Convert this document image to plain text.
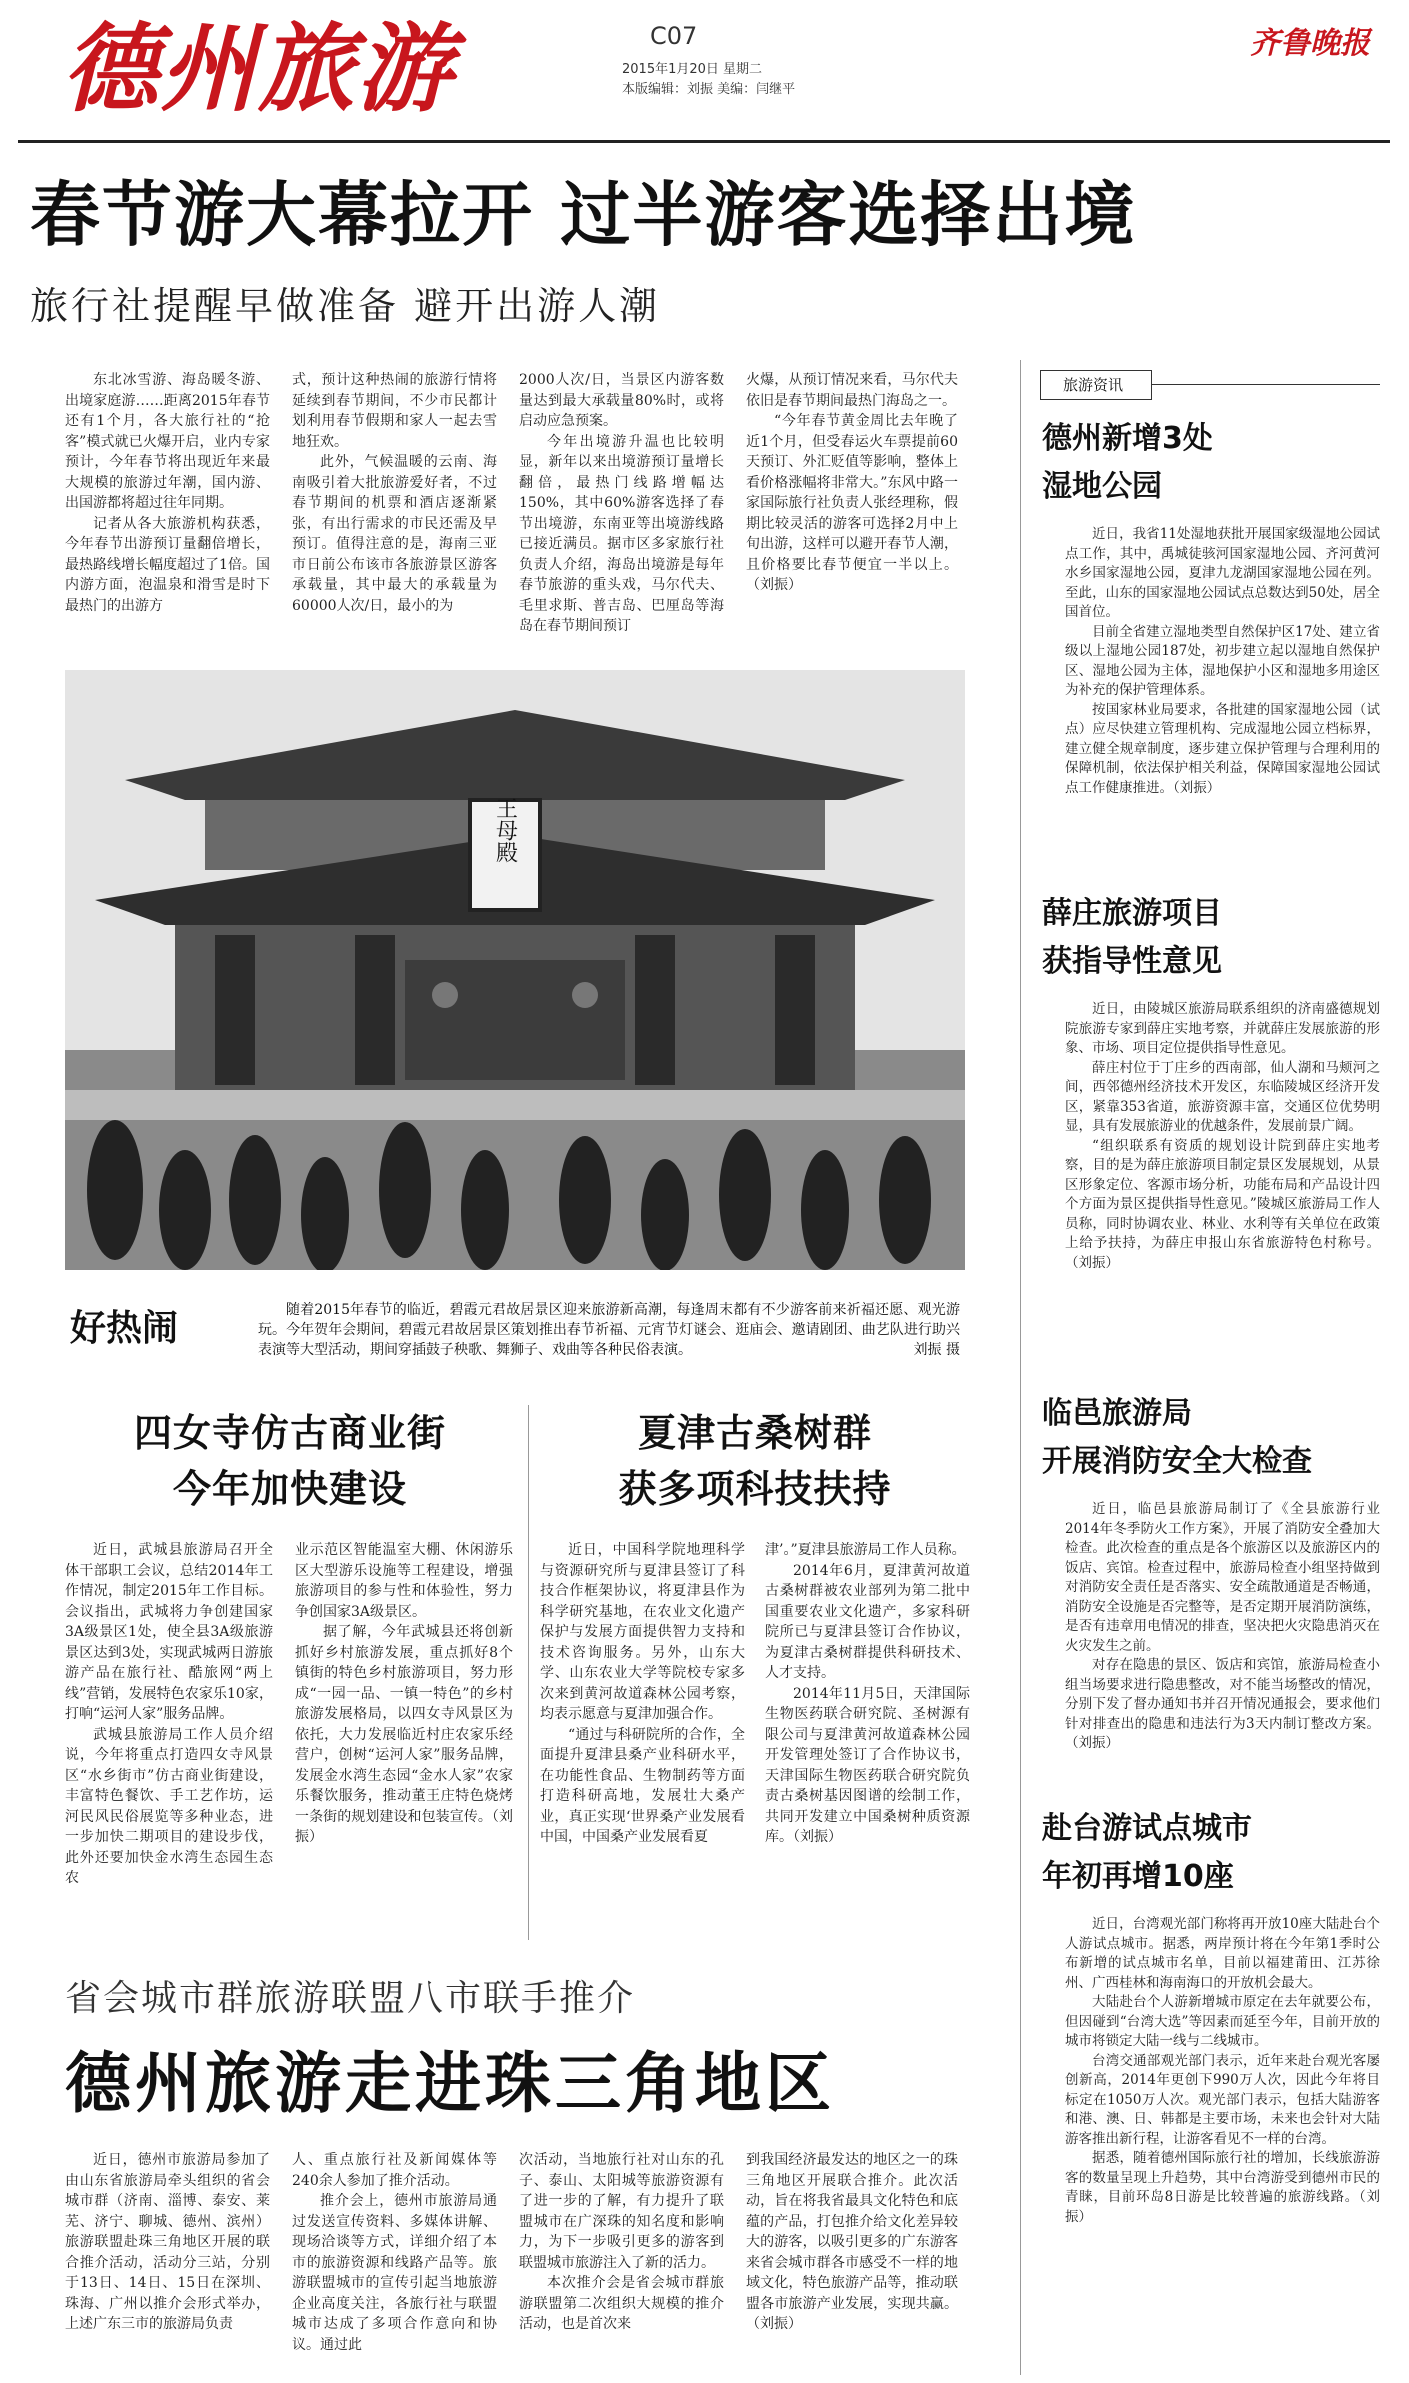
德州旅游	C07
2015年1月20日 星期二
本版编辑：刘振 美编：闫继平
齐鲁晚报
春节游大幕拉开 过半游客选择出境
旅行社提醒早做准备 避开出游人潮

东北冰雪游、海岛暖冬游、出境家庭游……距离2015年春节还有1个月，各大旅行社的“抢客”模式就已火爆开启，业内专家预计，今年春节将出现近年来最大规模的旅游过年潮，国内游、出国游都将超过往年同期。

记者从各大旅游机构获悉，今年春节出游预订量翻倍增长，最热路线增长幅度超过了1倍。国内游方面，泡温泉和滑雪是时下最热门的出游方

式，预计这种热闹的旅游行情将延续到春节期间，不少市民都计划利用春节假期和家人一起去雪地狂欢。

此外，气候温暖的云南、海南吸引着大批旅游爱好者，不过春节期间的机票和酒店逐渐紧张，有出行需求的市民还需及早预订。值得注意的是，海南三亚市日前公布该市各旅游景区游客承载量，其中最大的承载量为60000人次/日，最小的为

2000人次/日，当景区内游客数量达到最大承载量80%时，或将启动应急预案。

今年出境游升温也比较明显，新年以来出境游预订量增长翻倍，最热门线路增幅达150%，其中60%游客选择了春节出境游，东南亚等出境游线路已接近满员。据市区多家旅行社负责人介绍，海岛出境游是每年春节旅游的重头戏，马尔代夫、毛里求斯、普吉岛、巴厘岛等海岛在春节期间预订

火爆，从预订情况来看，马尔代夫依旧是春节期间最热门海岛之一。

“今年春节黄金周比去年晚了近1个月，但受春运火车票提前60天预订、外汇贬值等影响，整体上看价格涨幅将非常大。”东风中路一家国际旅行社负责人张经理称，假期比较灵活的游客可选择2月中上旬出游，这样可以避开春节人潮，且价格要比春节便宜一半以上。（刘振）

王母殿
好热闹	随着2015年春节的临近，碧霞元君故居景区迎来旅游新高潮，每逢周末都有不少游客前来祈福还愿、观光游玩。今年贺年会期间，碧霞元君故居景区策划推出春节祈福、元宵节灯谜会、逛庙会、邀请剧团、曲艺队进行助兴表演等大型活动，期间穿插鼓子秧歌、舞狮子、戏曲等各种民俗表演。	刘振 摄
四女寺仿古商业街
今年加快建设

近日，武城县旅游局召开全体干部职工会议，总结2014年工作情况，制定2015年工作目标。会议指出，武城将力争创建国家3A级景区1处，使全县3A级旅游景区达到3处，实现武城两日游旅游产品在旅行社、酷旅网“两上线”营销，发展特色农家乐10家，打响“运河人家”服务品牌。

武城县旅游局工作人员介绍说，今年将重点打造四女寺风景区“水乡街市”仿古商业街建设，丰富特色餐饮、手工艺作坊，运河民风民俗展览等多种业态，进一步加快二期项目的建设步伐，此外还要加快金水湾生态园生态农

业示范区智能温室大棚、休闲游乐区大型游乐设施等工程建设，增强旅游项目的参与性和体验性，努力争创国家3A级景区。

据了解，今年武城县还将创新抓好乡村旅游发展，重点抓好8个镇街的特色乡村旅游项目，努力形成“一园一品、一镇一特色”的乡村旅游发展格局，以四女寺风景区为依托，大力发展临近村庄农家乐经营户，创树“运河人家”服务品牌，发展金水湾生态园“金水人家”农家乐餐饮服务，推动董王庄特色烧烤一条街的规划建设和包装宣传。（刘振）

夏津古桑树群
获多项科技扶持

近日，中国科学院地理科学与资源研究所与夏津县签订了科技合作框架协议，将夏津县作为科学研究基地，在农业文化遗产保护与发展方面提供智力支持和技术咨询服务。另外，山东大学、山东农业大学等院校专家多次来到黄河故道森林公园考察，均表示愿意与夏津加强合作。

“通过与科研院所的合作，全面提升夏津县桑产业科研水平，在功能性食品、生物制药等方面打造科研高地，发展壮大桑产业，真正实现‘世界桑产业发展看中国，中国桑产业发展看夏

津’。”夏津县旅游局工作人员称。

2014年6月，夏津黄河故道古桑树群被农业部列为第二批中国重要农业文化遗产，多家科研院所已与夏津县签订合作协议，为夏津古桑树群提供科研技术、人才支持。

2014年11月5日，天津国际生物医药联合研究院、圣树源有限公司与夏津黄河故道森林公园开发管理处签订了合作协议书，天津国际生物医药联合研究院负责古桑树基因图谱的绘制工作，共同开发建立中国桑树种质资源库。（刘振）

省会城市群旅游联盟八市联手推介
德州旅游走进珠三角地区

近日，德州市旅游局参加了由山东省旅游局牵头组织的省会城市群（济南、淄博、泰安、莱芜、济宁、聊城、德州、滨州）旅游联盟赴珠三角地区开展的联合推介活动，活动分三站，分别于13日、14日、15日在深圳、珠海、广州以推介会形式举办，上述广东三市的旅游局负责

人、重点旅行社及新闻媒体等240余人参加了推介活动。

推介会上，德州市旅游局通过发送宣传资料、多媒体讲解、现场洽谈等方式，详细介绍了本市的旅游资源和线路产品等。旅游联盟城市的宣传引起当地旅游企业高度关注，各旅行社与联盟城市达成了多项合作意向和协议。通过此

次活动，当地旅行社对山东的孔子、泰山、太阳城等旅游资源有了进一步的了解，有力提升了联盟城市在广深珠的知名度和影响力，为下一步吸引更多的游客到联盟城市旅游注入了新的活力。

本次推介会是省会城市群旅游联盟第二次组织大规模的推介活动，也是首次来

到我国经济最发达的地区之一的珠三角地区开展联合推介。此次活动，旨在将我省最具文化特色和底蕴的产品，打包推介给文化差异较大的游客，以吸引更多的广东游客来省会城市群各市感受不一样的地域文化，特色旅游产品等，推动联盟各市旅游产业发展，实现共赢。（刘振）

旅游资讯
德州新增3处
湿地公园

近日，我省11处湿地获批开展国家级湿地公园试点工作，其中，禹城徒骇河国家湿地公园、齐河黄河水乡国家湿地公园，夏津九龙湖国家湿地公园在列。至此，山东的国家湿地公园试点总数达到50处，居全国首位。

目前全省建立湿地类型自然保护区17处、建立省级以上湿地公园187处，初步建立起以湿地自然保护区、湿地公园为主体，湿地保护小区和湿地多用途区为补充的保护管理体系。

按国家林业局要求，各批建的国家湿地公园（试点）应尽快建立管理机构、完成湿地公园立档标界，建立健全规章制度，逐步建立保护管理与合理利用的保障机制，依法保护相关利益，保障国家湿地公园试点工作健康推进。（刘振）

薛庄旅游项目
获指导性意见

近日，由陵城区旅游局联系组织的济南盛德规划院旅游专家到薛庄实地考察，并就薛庄发展旅游的形象、市场、项目定位提供指导性意见。

薛庄村位于丁庄乡的西南部，仙人湖和马颊河之间，西邻德州经济技术开发区，东临陵城区经济开发区，紧靠353省道，旅游资源丰富，交通区位优势明显，具有发展旅游业的优越条件，发展前景广阔。

“组织联系有资质的规划设计院到薛庄实地考察，目的是为薛庄旅游项目制定景区发展规划，从景区形象定位、客源市场分析，功能布局和产品设计四个方面为景区提供指导性意见。”陵城区旅游局工作人员称，同时协调农业、林业、水利等有关单位在政策上给予扶持，为薛庄申报山东省旅游特色村称号。（刘振）

临邑旅游局
开展消防安全大检查

近日，临邑县旅游局制订了《全县旅游行业2014年冬季防火工作方案》，开展了消防安全叠加大检查。此次检查的重点是各个旅游区以及旅游区内的饭店、宾馆。检查过程中，旅游局检查小组坚持做到对消防安全责任是否落实、安全疏散通道是否畅通，消防安全设施是否完整等，是否定期开展消防演练，是否有违章用电情况的排查，坚决把火灾隐患消灭在火灾发生之前。

对存在隐患的景区、饭店和宾馆，旅游局检查小组当场要求进行隐患整改，对不能当场整改的情况，分别下发了督办通知书并召开情况通报会，要求他们针对排查出的隐患和违法行为3天内制订整改方案。（刘振）

赴台游试点城市
年初再增10座

近日，台湾观光部门称将再开放10座大陆赴台个人游试点城市。据悉，两岸预计将在今年第1季时公布新增的试点城市名单，目前以福建莆田、江苏徐州、广西桂林和海南海口的开放机会最大。

大陆赴台个人游新增城市原定在去年就要公布，但因碰到“台湾大选”等因素而延至今年，目前开放的城市将锁定大陆一线与二线城市。

台湾交通部观光部门表示，近年来赴台观光客屡创新高，2014年更创下990万人次，因此今年将目标定在1050万人次。观光部门表示，包括大陆游客和港、澳、日、韩都是主要市场，未来也会针对大陆游客推出新行程，让游客看见不一样的台湾。

据悉，随着德州国际旅行社的增加，长线旅游游客的数量呈现上升趋势，其中台湾游受到德州市民的青睐，目前环岛8日游是比较普遍的旅游线路。（刘振）
